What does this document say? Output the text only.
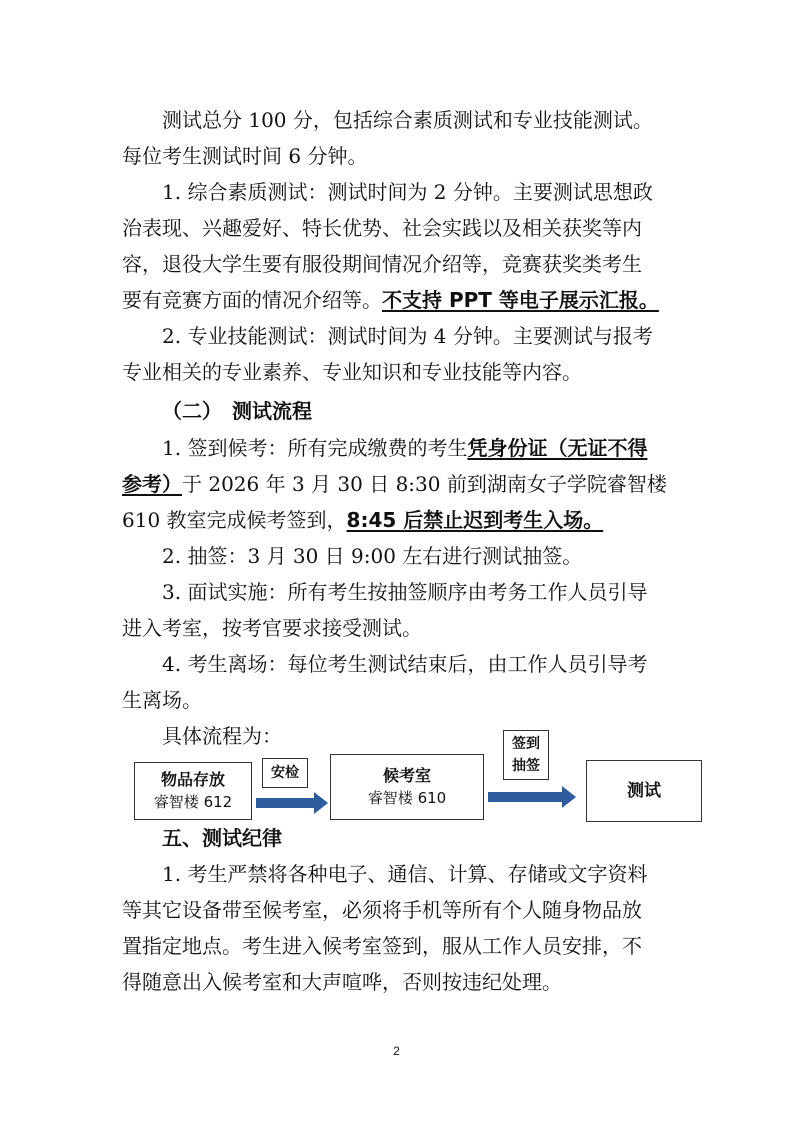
测试总分 100 分，包括综合素质测试和专业技能测试。
每位考生测试时间 6 分钟。
1. 综合素质测试：测试时间为 2 分钟。主要测试思想政
治表现、兴趣爱好、特长优势、社会实践以及相关获奖等内
容，退役大学生要有服役期间情况介绍等，竞赛获奖类考生
要有竞赛方面的情况介绍等。不支持 PPT 等电子展示汇报。
2. 专业技能测试：测试时间为 4 分钟。主要测试与报考
专业相关的专业素养、专业知识和专业技能等内容。
（二）　测试流程
1. 签到候考：所有完成缴费的考生凭身份证（无证不得
参考）于 2026 年 3 月 30 日 8:30 前到湖南女子学院睿智楼
610 教室完成候考签到，8:45 后禁止迟到考生入场。
2. 抽签：3 月 30 日 9:00 左右进行测试抽签。
3. 面试实施：所有考生按抽签顺序由考务工作人员引导
进入考室，按考官要求接受测试。
4. 考生离场：每位考生测试结束后，由工作人员引导考
生离场。
具体流程为：
物品存放
睿智楼 612
安检	候考室
睿智楼 610
签到
抽签
测试
五、测试纪律
1. 考生严禁将各种电子、通信、计算、存储或文字资料
等其它设备带至候考室，必须将手机等所有个人随身物品放
置指定地点。考生进入候考室签到，服从工作人员安排，不
得随意出入候考室和大声喧哗，否则按违纪处理。
2
